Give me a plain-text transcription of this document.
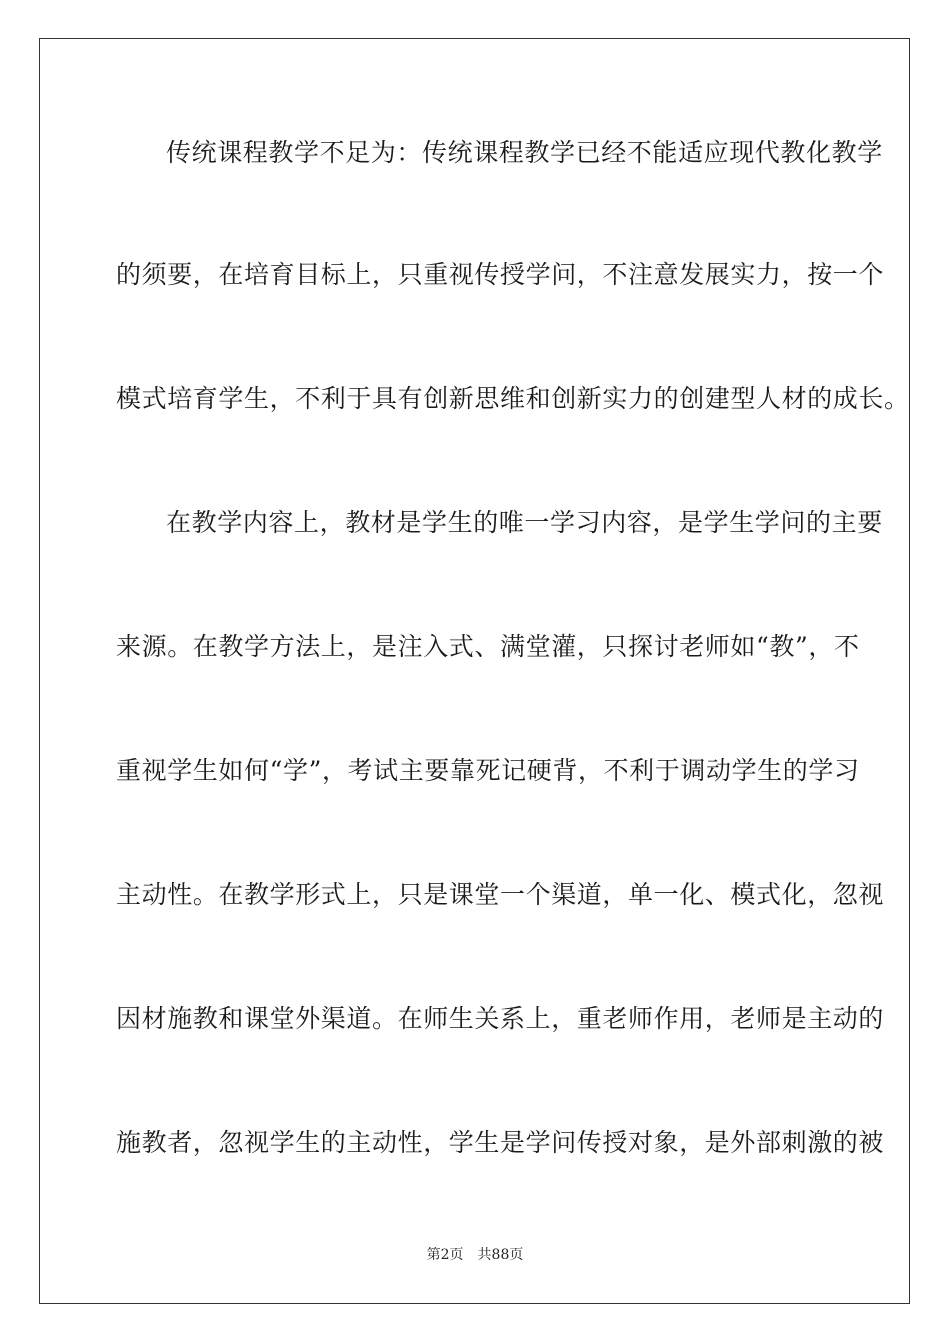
传统课程教学不足为：传统课程教学已经不能适应现代教化教学
的须要，在培育目标上，只重视传授学问，不注意发展实力，按一个
模式培育学生，不利于具有创新思维和创新实力的创建型人材的成长。
在教学内容上，教材是学生的唯一学习内容，是学生学问的主要
来源。在教学方法上，是注入式、满堂灌，只探讨老师如“教”，不
重视学生如何“学”，考试主要靠死记硬背，不利于调动学生的学习
主动性。在教学形式上，只是课堂一个渠道，单一化、模式化，忽视
因材施教和课堂外渠道。在师生关系上，重老师作用，老师是主动的
施教者，忽视学生的主动性，学生是学问传授对象，是外部刺激的被
第2页 共88页
